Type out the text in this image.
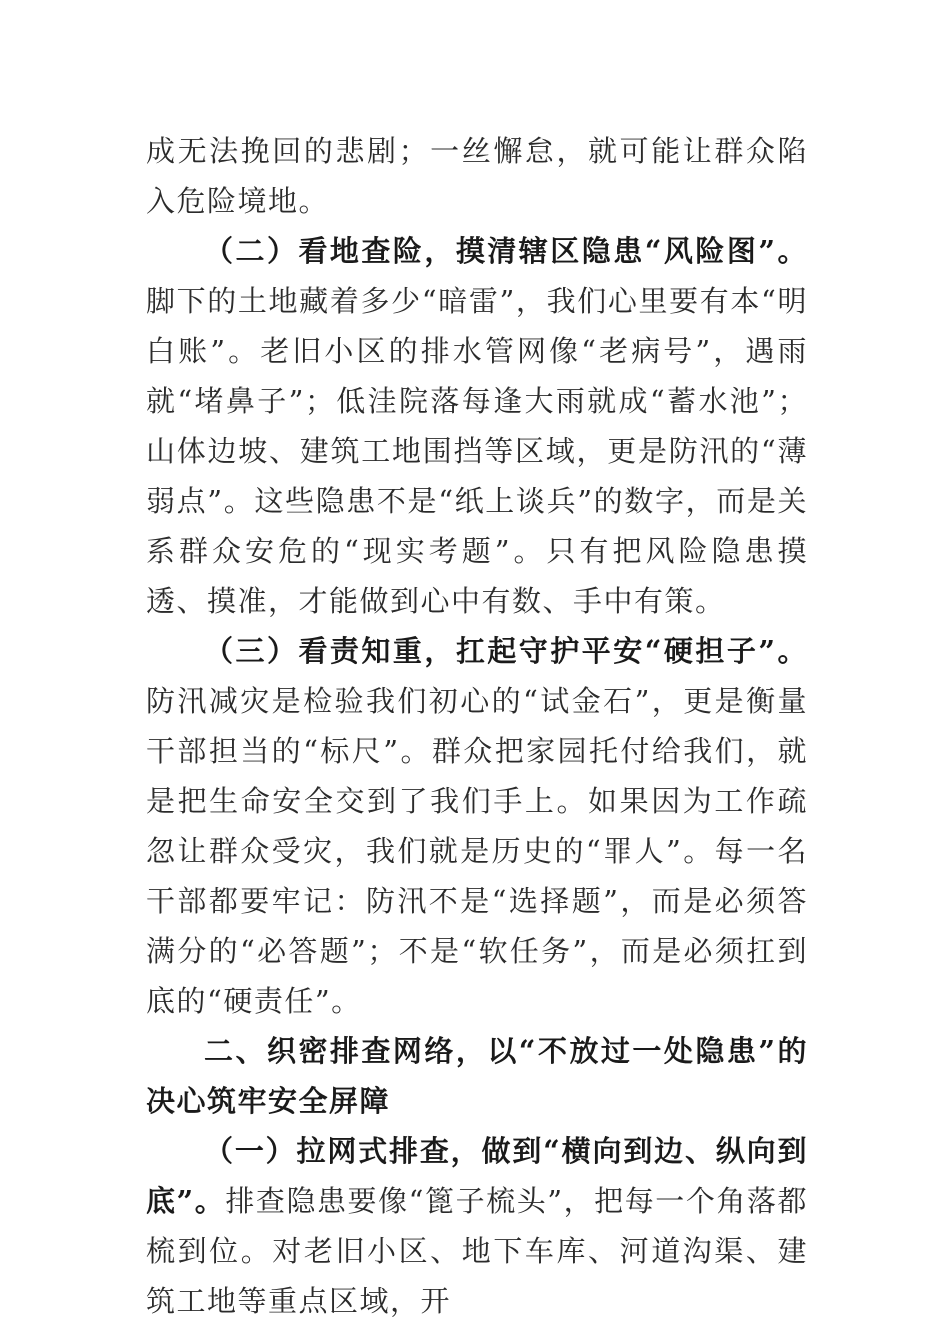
成无法挽回的悲剧；一丝懈怠，就可能让群众陷入危险境地。

（二）看地查险，摸清辖区隐患“风险图”。脚下的土地藏着多少“暗雷”，我们心里要有本“明白账”。老旧小区的排水管网像“老病号”，遇雨就“堵鼻子”；低洼院落每逢大雨就成“蓄水池”；山体边坡、建筑工地围挡等区域，更是防汛的“薄弱点”。这些隐患不是“纸上谈兵”的数字，而是关系群众安危的“现实考题”。只有把风险隐患摸透、摸准，才能做到心中有数、手中有策。

（三）看责知重，扛起守护平安“硬担子”。防汛减灾是检验我们初心的“试金石”，更是衡量干部担当的“标尺”。群众把家园托付给我们，就是把生命安全交到了我们手上。如果因为工作疏忽让群众受灾，我们就是历史的“罪人”。每一名干部都要牢记：防汛不是“选择题”，而是必须答满分的“必答题”；不是“软任务”，而是必须扛到底的“硬责任”。

二、织密排查网络，以“不放过一处隐患”的决心筑牢安全屏障

（一）拉网式排查，做到“横向到边、纵向到底”。排查隐患要像“篦子梳头”，把每一个角落都梳到位。对老旧小区、地下车库、河道沟渠、建筑工地等重点区域，开
